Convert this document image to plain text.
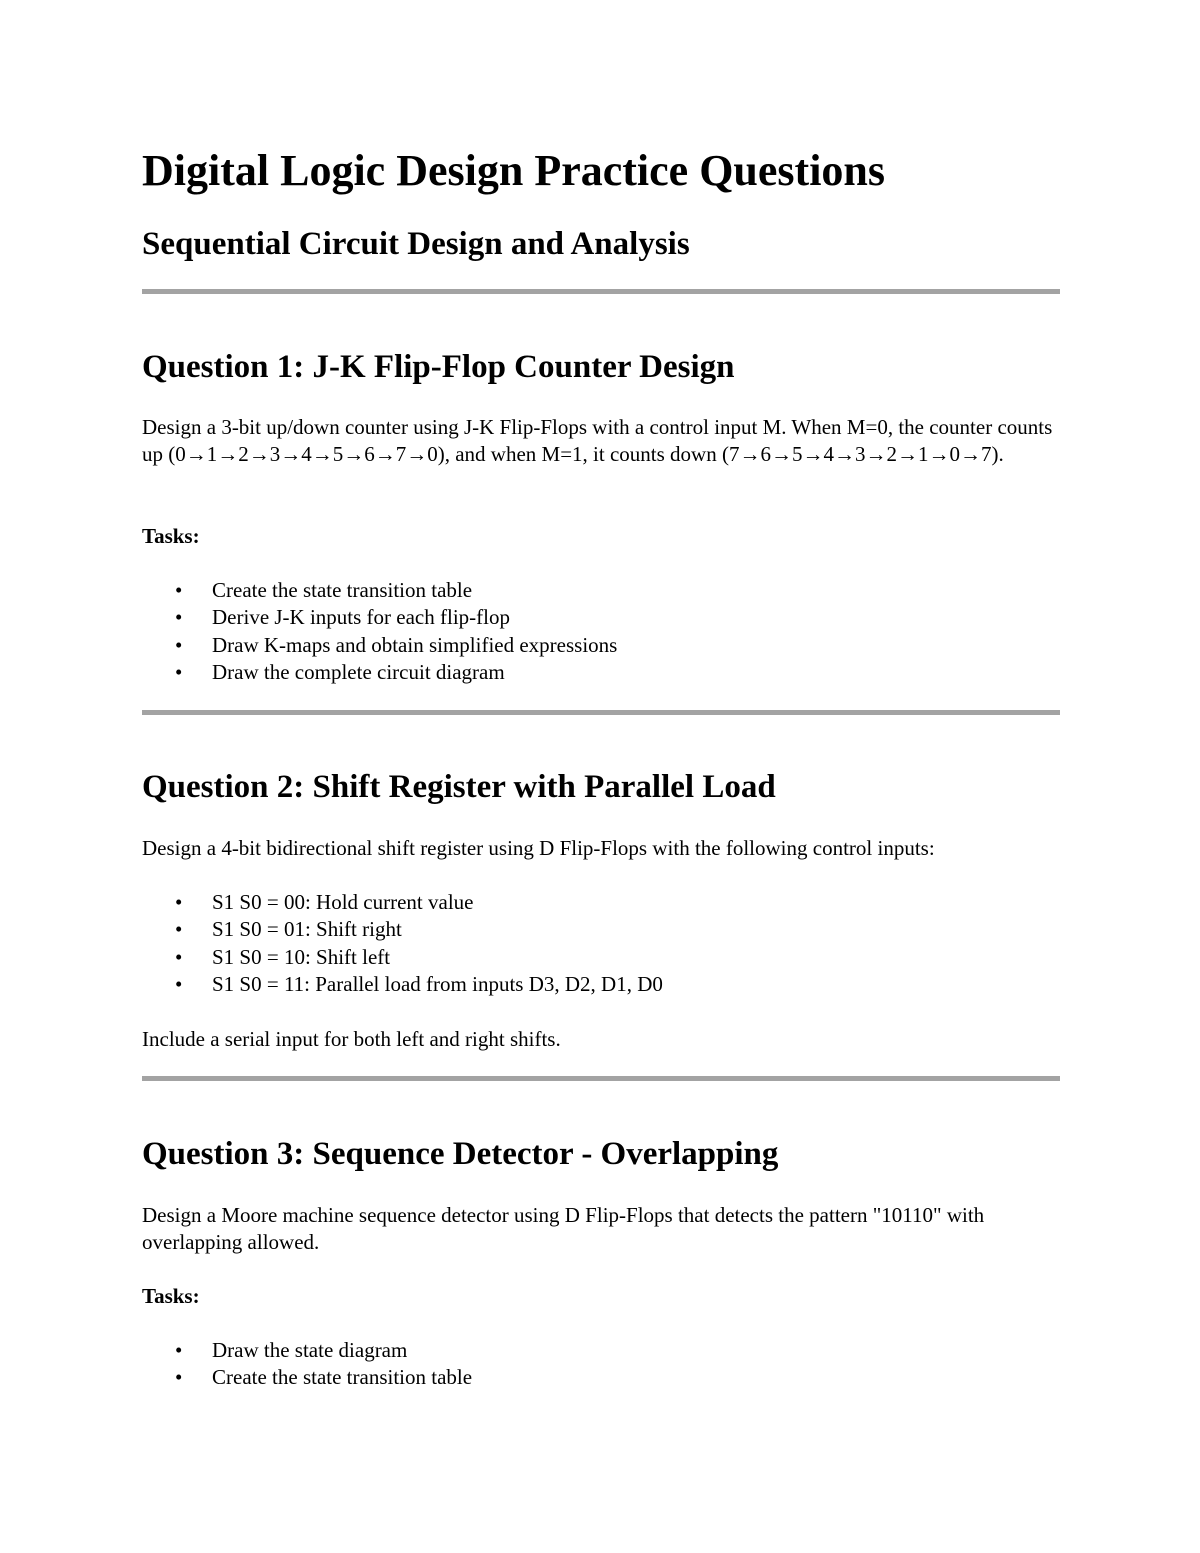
Digital Logic Design Practice Questions
Sequential Circuit Design and Analysis
Question 1: J-K Flip-Flop Counter Design

Design a 3-bit up/down counter using J-K Flip-Flops with a control input M. When M=0, the counter counts up (0→1→2→3→4→5→6→7→0), and when M=1, it counts down (7→6→5→4→3→2→1→0→7).

Tasks:

• Create the state transition table
• Derive J-K inputs for each flip-flop
• Draw K-maps and obtain simplified expressions
• Draw the complete circuit diagram
Question 2: Shift Register with Parallel Load

Design a 4-bit bidirectional shift register using D Flip-Flops with the following control inputs:

• S1 S0 = 00: Hold current value
• S1 S0 = 01: Shift right
• S1 S0 = 10: Shift left
• S1 S0 = 11: Parallel load from inputs D3, D2, D1, D0

Include a serial input for both left and right shifts.

Question 3: Sequence Detector - Overlapping

Design a Moore machine sequence detector using D Flip-Flops that detects the pattern "10110" with overlapping allowed.

Tasks:

• Draw the state diagram
• Create the state transition table
